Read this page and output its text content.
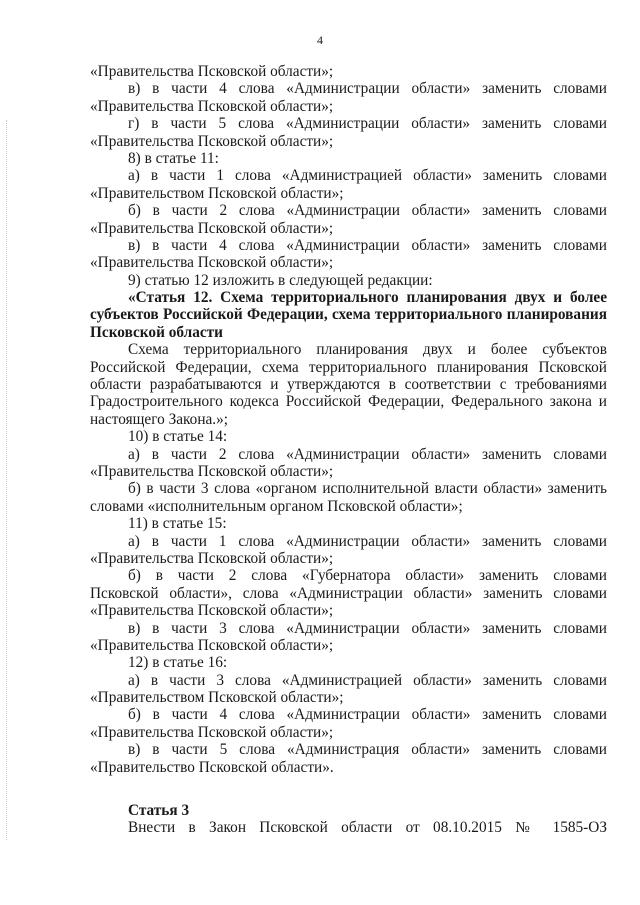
4
«Правительства Псковской области»;
в) в части 4 слова «Администрации области» заменить словами
«Правительства Псковской области»;
г) в части 5 слова «Администрации области» заменить словами
«Правительства Псковской области»;
8) в статье 11:
а) в части 1 слова «Администрацией области» заменить словами
«Правительством Псковской области»;
б) в части 2 слова «Администрации области» заменить словами
«Правительства Псковской области»;
в) в части 4 слова «Администрации области» заменить словами
«Правительства Псковской области»;
9) статью 12 изложить в следующей редакции:
«Статья 12. Схема территориального планирования двух и более
субъектов Российской Федерации, схема территориального планирования
Псковской области
Схема территориального планирования двух и более субъектов
Российской Федерации, схема территориального планирования Псковской
области разрабатываются и утверждаются в соответствии с требованиями
Градостроительного кодекса Российской Федерации, Федерального закона и
настоящего Закона.»;
10) в статье 14:
а) в части 2 слова «Администрации области» заменить словами
«Правительства Псковской области»;
б) в части 3 слова «органом исполнительной власти области» заменить
словами «исполнительным органом Псковской области»;
11) в статье 15:
а) в части 1 слова «Администрации области» заменить словами
«Правительства Псковской области»;
б) в части 2 слова «Губернатора области» заменить словами
Псковской области», слова «Администрации области» заменить словами
«Правительства Псковской области»;
в) в части 3 слова «Администрации области» заменить словами
«Правительства Псковской области»;
12) в статье 16:
а) в части 3 слова «Администрацией области» заменить словами
«Правительством Псковской области»;
б) в части 4 слова «Администрации области» заменить словами
«Правительства Псковской области»;
в) в части 5 слова «Администрация области» заменить словами
«Правительство Псковской области».
Статья 3
Внести в Закон Псковской области от 08.10.2015 № 1585-ОЗ
